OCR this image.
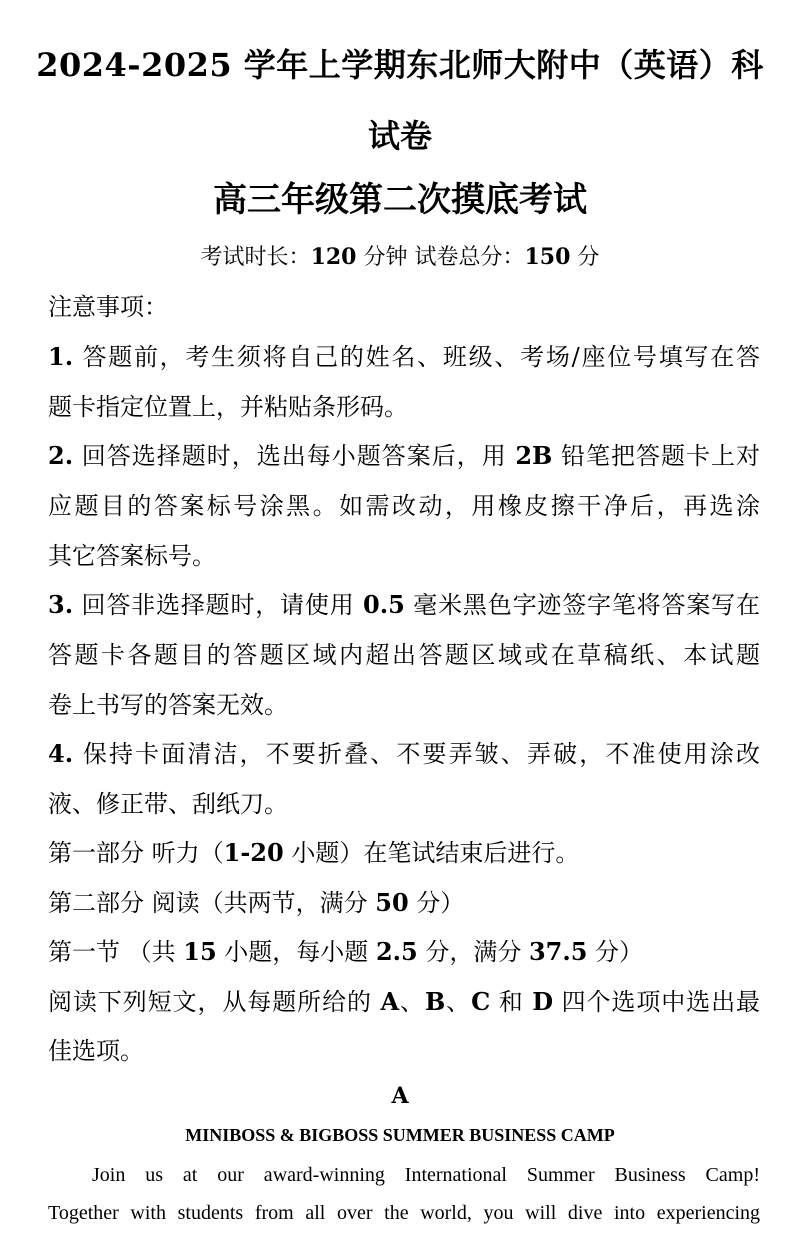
2024-2025 学年上学期东北师大附中（英语）科
试卷
高三年级第二次摸底考试
考试时长：120 分钟 试卷总分：150 分
注意事项：
1. 答题前，考生须将自己的姓名、班级、考场/座位号填写在答
题卡指定位置上，并粘贴条形码。
2. 回答选择题时，选出每小题答案后，用 2B 铅笔把答题卡上对
应题目的答案标号涂黑。如需改动，用橡皮擦干净后，再选涂
其它答案标号。
3. 回答非选择题时，请使用 0.5 毫米黑色字迹签字笔将答案写在
答题卡各题目的答题区域内超出答题区域或在草稿纸、本试题
卷上书写的答案无效。
4. 保持卡面清洁，不要折叠、不要弄皱、弄破，不准使用涂改
液、修正带、刮纸刀。
第一部分 听力（1-20 小题）在笔试结束后进行。
第二部分 阅读（共两节，满分 50 分）
第一节 （共 15 小题，每小题 2.5 分，满分 37.5 分）
阅读下列短文，从每题所给的 A、B、C 和 D 四个选项中选出最
佳选项。
A
MINIBOSS & BIGBOSS SUMMER BUSINESS CAMP
Join us at our award-winning International Summer Business Camp!
Together with students from all over the world, you will dive into experiencing
